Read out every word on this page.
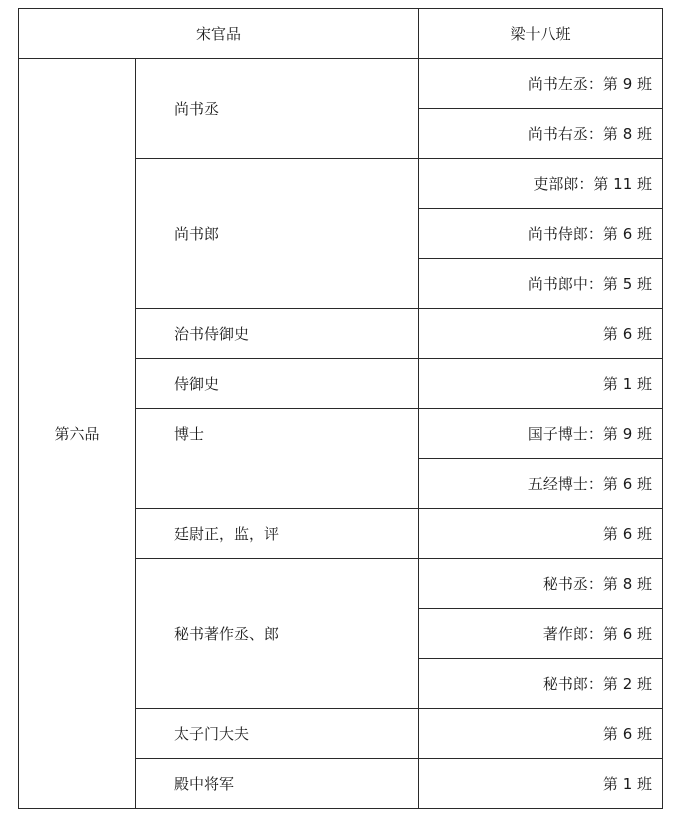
宋官品		梁十八班
第六品	尚书丞	尚书左丞：第 9 班
		尚书右丞：第 8 班
	尚书郎	吏部郎：第 11 班
		尚书侍郎：第 6 班
		尚书郎中：第 5 班
	治书侍御史	第 6 班
	侍御史	第 1 班
	博士	国子博士：第 9 班
		五经博士：第 6 班
	廷尉正，监，评	第 6 班
	秘书著作丞、郎	秘书丞：第 8 班
		著作郎：第 6 班
		秘书郎：第 2 班
	太子门大夫	第 6 班
	殿中将军	第 1 班
